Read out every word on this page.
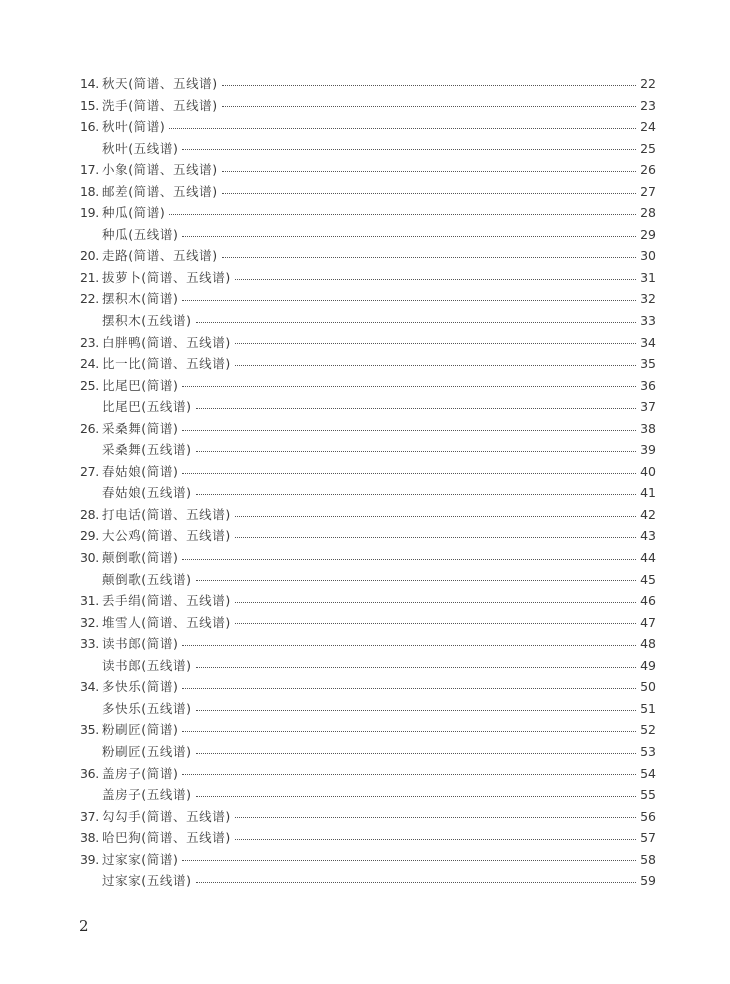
14. 秋天(简谱、五线谱)	22
15. 洗手(简谱、五线谱)	23
16. 秋叶(简谱)	24
秋叶(五线谱)	25
17. 小象(简谱、五线谱)	26
18. 邮差(简谱、五线谱)	27
19. 种瓜(简谱)	28
种瓜(五线谱)	29
20. 走路(简谱、五线谱)	30
21. 拔萝卜(简谱、五线谱)	31
22. 摆积木(简谱)	32
摆积木(五线谱)	33
23. 白胖鸭(简谱、五线谱)	34
24. 比一比(简谱、五线谱)	35
25. 比尾巴(简谱)	36
比尾巴(五线谱)	37
26. 采桑舞(简谱)	38
采桑舞(五线谱)	39
27. 春姑娘(简谱)	40
春姑娘(五线谱)	41
28. 打电话(简谱、五线谱)	42
29. 大公鸡(简谱、五线谱)	43
30. 颠倒歌(简谱)	44
颠倒歌(五线谱)	45
31. 丢手绢(简谱、五线谱)	46
32. 堆雪人(简谱、五线谱)	47
33. 读书郎(简谱)	48
读书郎(五线谱)	49
34. 多快乐(简谱)	50
多快乐(五线谱)	51
35. 粉刷匠(简谱)	52
粉刷匠(五线谱)	53
36. 盖房子(简谱)	54
盖房子(五线谱)	55
37. 勾勾手(简谱、五线谱)	56
38. 哈巴狗(简谱、五线谱)	57
39. 过家家(简谱)	58
过家家(五线谱)	59
2
